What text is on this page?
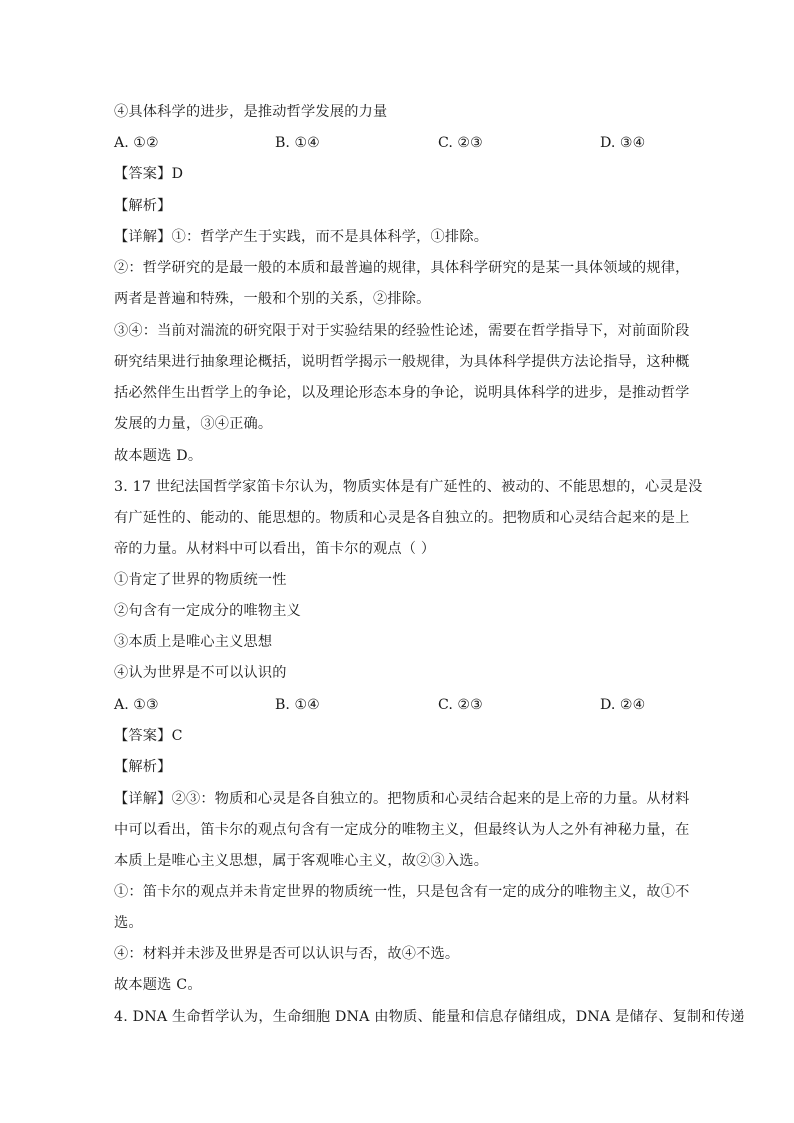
④具体科学的进步，是推动哲学发展的力量
A. ①②	B. ①④	C. ②③	D. ③④
【答案】D
【解析】
【详解】①：哲学产生于实践，而不是具体科学，①排除。
②：哲学研究的是最一般的本质和最普遍的规律，具体科学研究的是某一具体领域的规律，
两者是普遍和特殊，一般和个别的关系，②排除。
③④：当前对湍流的研究限于对于实验结果的经验性论述，需要在哲学指导下，对前面阶段
研究结果进行抽象理论概括，说明哲学揭示一般规律，为具体科学提供方法论指导，这种概
括必然伴生出哲学上的争论，以及理论形态本身的争论，说明具体科学的进步，是推动哲学
发展的力量，③④正确。
故本题选 D。
3. 17 世纪法国哲学家笛卡尔认为，物质实体是有广延性的、被动的、不能思想的，心灵是没
有广延性的、能动的、能思想的。物质和心灵是各自独立的。把物质和心灵结合起来的是上
帝的力量。从材料中可以看出，笛卡尔的观点（ ）
①肯定了世界的物质统一性
②句含有一定成分的唯物主义
③本质上是唯心主义思想
④认为世界是不可以认识的
A. ①③	B. ①④	C. ②③	D. ②④
【答案】C
【解析】
【详解】②③：物质和心灵是各自独立的。把物质和心灵结合起来的是上帝的力量。从材料
中可以看出，笛卡尔的观点句含有一定成分的唯物主义，但最终认为人之外有神秘力量，在
本质上是唯心主义思想，属于客观唯心主义，故②③入选。
①：笛卡尔的观点并未肯定世界的物质统一性，只是包含有一定的成分的唯物主义，故①不
选。
④：材料并未涉及世界是否可以认识与否，故④不选。
故本题选 C。
4. DNA 生命哲学认为，生命细胞 DNA 由物质、能量和信息存储组成，DNA 是储存、复制和传递
